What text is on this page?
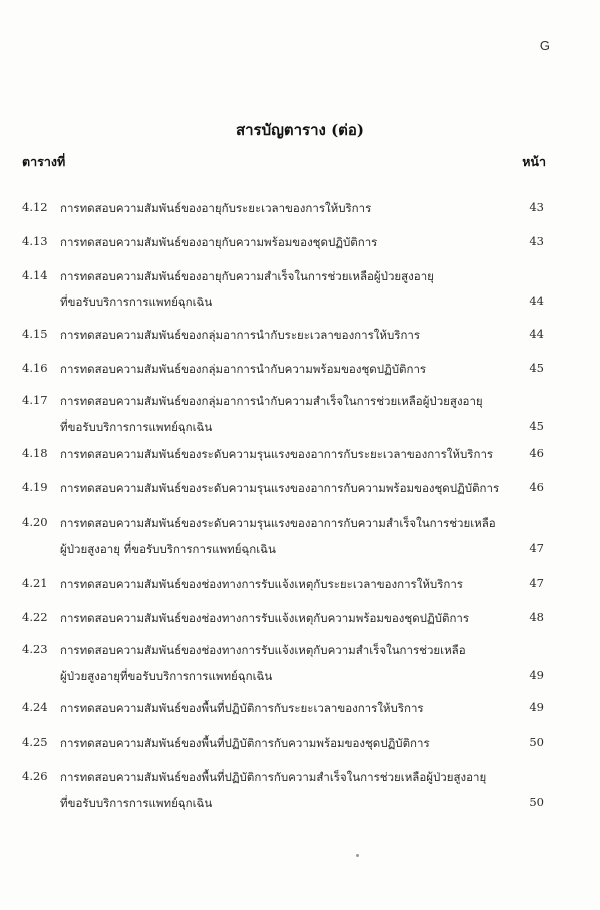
G
สารบัญตาราง (ต่อ)
ตารางที่	หน้า
4.12 การทดสอบความสัมพันธ์ของอายุกับระยะเวลาของการให้บริการ	43
4.13 การทดสอบความสัมพันธ์ของอายุกับความพร้อมของชุดปฏิบัติการ	43
4.14 การทดสอบความสัมพันธ์ของอายุกับความสำเร็จในการช่วยเหลือผู้ป่วยสูงอายุ
ที่ขอรับบริการการแพทย์ฉุกเฉิน	44
4.15 การทดสอบความสัมพันธ์ของกลุ่มอาการนำกับระยะเวลาของการให้บริการ	44
4.16 การทดสอบความสัมพันธ์ของกลุ่มอาการนำกับความพร้อมของชุดปฏิบัติการ	45
4.17 การทดสอบความสัมพันธ์ของกลุ่มอาการนำกับความสำเร็จในการช่วยเหลือผู้ป่วยสูงอายุ
ที่ขอรับบริการการแพทย์ฉุกเฉิน	45
4.18 การทดสอบความสัมพันธ์ของระดับความรุนแรงของอาการกับระยะเวลาของการให้บริการ	46
4.19 การทดสอบความสัมพันธ์ของระดับความรุนแรงของอาการกับความพร้อมของชุดปฏิบัติการ	46
4.20 การทดสอบความสัมพันธ์ของระดับความรุนแรงของอาการกับความสำเร็จในการช่วยเหลือ
ผู้ป่วยสูงอายุ ที่ขอรับบริการการแพทย์ฉุกเฉิน	47
4.21 การทดสอบความสัมพันธ์ของช่องทางการรับแจ้งเหตุกับระยะเวลาของการให้บริการ	47
4.22 การทดสอบความสัมพันธ์ของช่องทางการรับแจ้งเหตุกับความพร้อมของชุดปฏิบัติการ	48
4.23 การทดสอบความสัมพันธ์ของช่องทางการรับแจ้งเหตุกับความสำเร็จในการช่วยเหลือ
ผู้ป่วยสูงอายุที่ขอรับบริการการแพทย์ฉุกเฉิน	49
4.24 การทดสอบความสัมพันธ์ของพื้นที่ปฏิบัติการกับระยะเวลาของการให้บริการ	49
4.25 การทดสอบความสัมพันธ์ของพื้นที่ปฏิบัติการกับความพร้อมของชุดปฏิบัติการ	50
4.26 การทดสอบความสัมพันธ์ของพื้นที่ปฏิบัติการกับความสำเร็จในการช่วยเหลือผู้ป่วยสูงอายุ
ที่ขอรับบริการการแพทย์ฉุกเฉิน	50
